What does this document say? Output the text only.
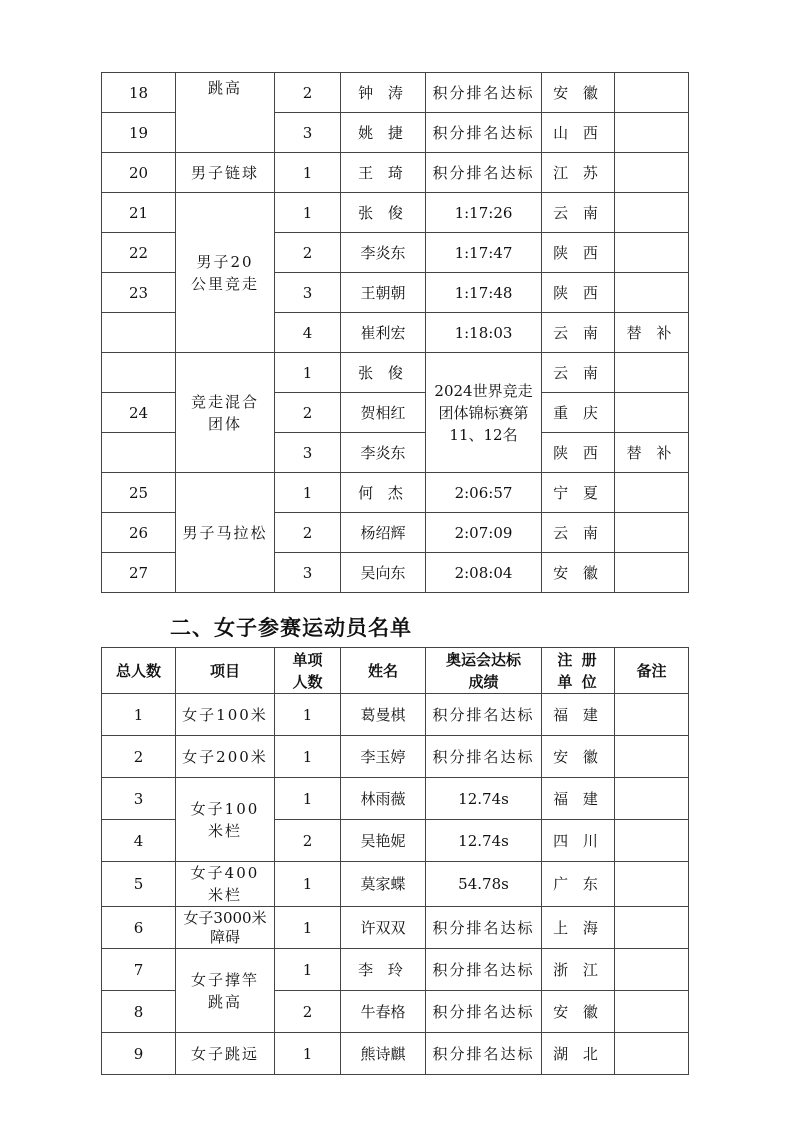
18	跳高	2	钟 涛	积分排名达标	安 徽	
19		3	姚 捷	积分排名达标	山 西	
20	男子链球	1	王 琦	积分排名达标	江 苏	
21	男子20公里竞走	1	张 俊	1:17:26	云 南	
22		2	李炎东	1:17:47	陕 西	
23		3	王朝朝	1:17:48	陕 西	
		4	崔利宏	1:18:03	云 南	替 补
	竞走混合团体	1	张 俊	2024世界竞走团体锦标赛第11、12名	云 南	
24		2	贺相红		重 庆	
		3	李炎东		陕 西	替 补
25	男子马拉松	1	何 杰	2:06:57	宁 夏	
26		2	杨绍辉	2:07:09	云 南	
27		3	吴向东	2:08:04	安 徽	
二、女子参赛运动员名单
总人数	项目	单项人数	姓名	奥运会达标成绩	注 册单 位	备注
1	女子100米	1	葛曼棋	积分排名达标	福 建	
2	女子200米	1	李玉婷	积分排名达标	安 徽	
3	女子100米栏	1	林雨薇	12.74s	福 建	
4		2	吴艳妮	12.74s	四 川	
5	女子400米栏	1	莫家蝶	54.78s	广 东	
6	女子3000米障碍	1	许双双	积分排名达标	上 海	
7	女子撑竿跳高	1	李 玲	积分排名达标	浙 江	
8		2	牛春格	积分排名达标	安 徽	
9	女子跳远	1	熊诗麒	积分排名达标	湖 北	
